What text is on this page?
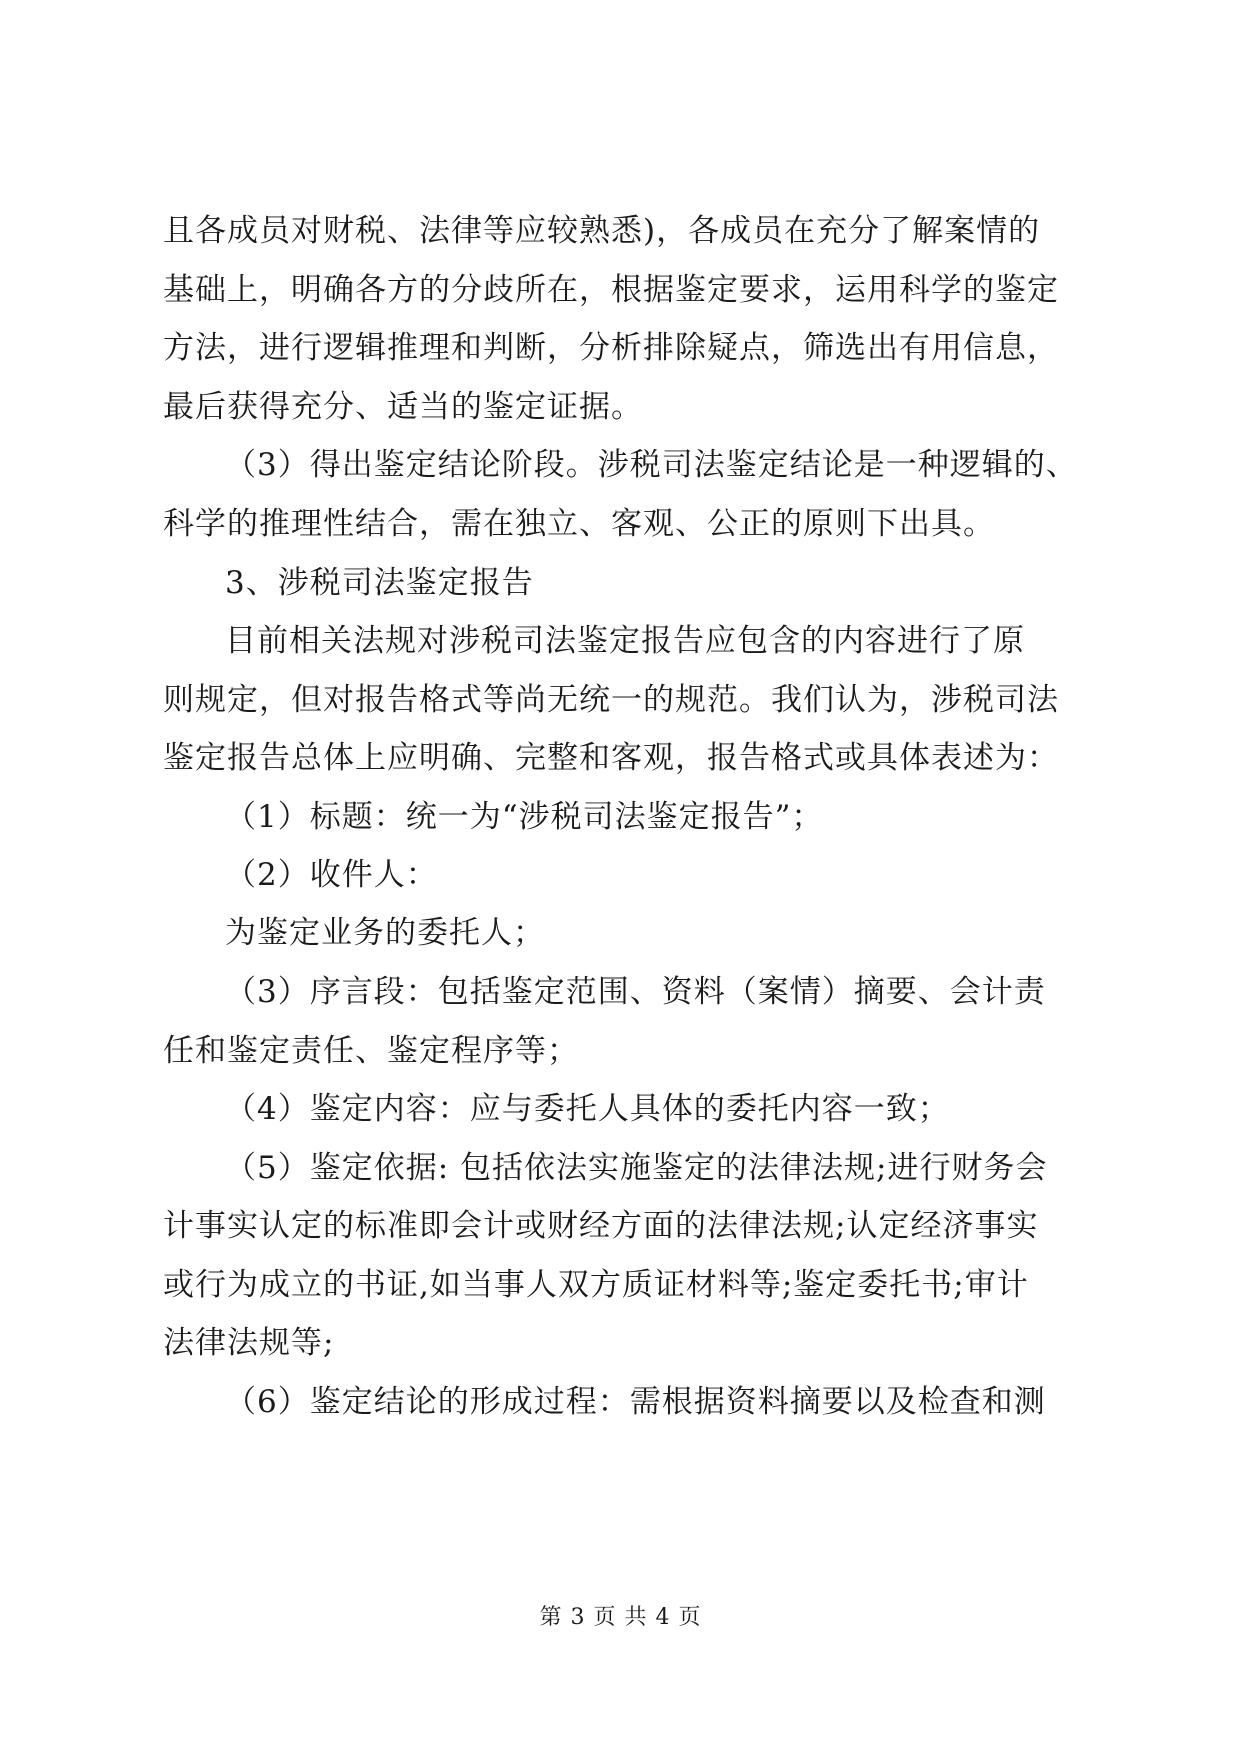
且各成员对财税、法律等应较熟悉)，各成员在充分了解案情的
基础上，明确各方的分歧所在，根据鉴定要求，运用科学的鉴定
方法，进行逻辑推理和判断，分析排除疑点，筛选出有用信息，
最后获得充分、适当的鉴定证据。
（3）得出鉴定结论阶段。涉税司法鉴定结论是一种逻辑的、
科学的推理性结合，需在独立、客观、公正的原则下出具。
3、涉税司法鉴定报告
目前相关法规对涉税司法鉴定报告应包含的内容进行了原
则规定，但对报告格式等尚无统一的规范。我们认为，涉税司法
鉴定报告总体上应明确、完整和客观，报告格式或具体表述为：
（1）标题：统一为“涉税司法鉴定报告”；
（2）收件人：
为鉴定业务的委托人；
（3）序言段：包括鉴定范围、资料（案情）摘要、会计责
任和鉴定责任、鉴定程序等；
（4）鉴定内容：应与委托人具体的委托内容一致；
（5）鉴定依据: 包括依法实施鉴定的法律法规;进行财务会
计事实认定的标准即会计或财经方面的法律法规;认定经济事实
或行为成立的书证,如当事人双方质证材料等;鉴定委托书;审计
法律法规等;
（6）鉴定结论的形成过程：需根据资料摘要以及检查和测
第 3 页 共 4 页
